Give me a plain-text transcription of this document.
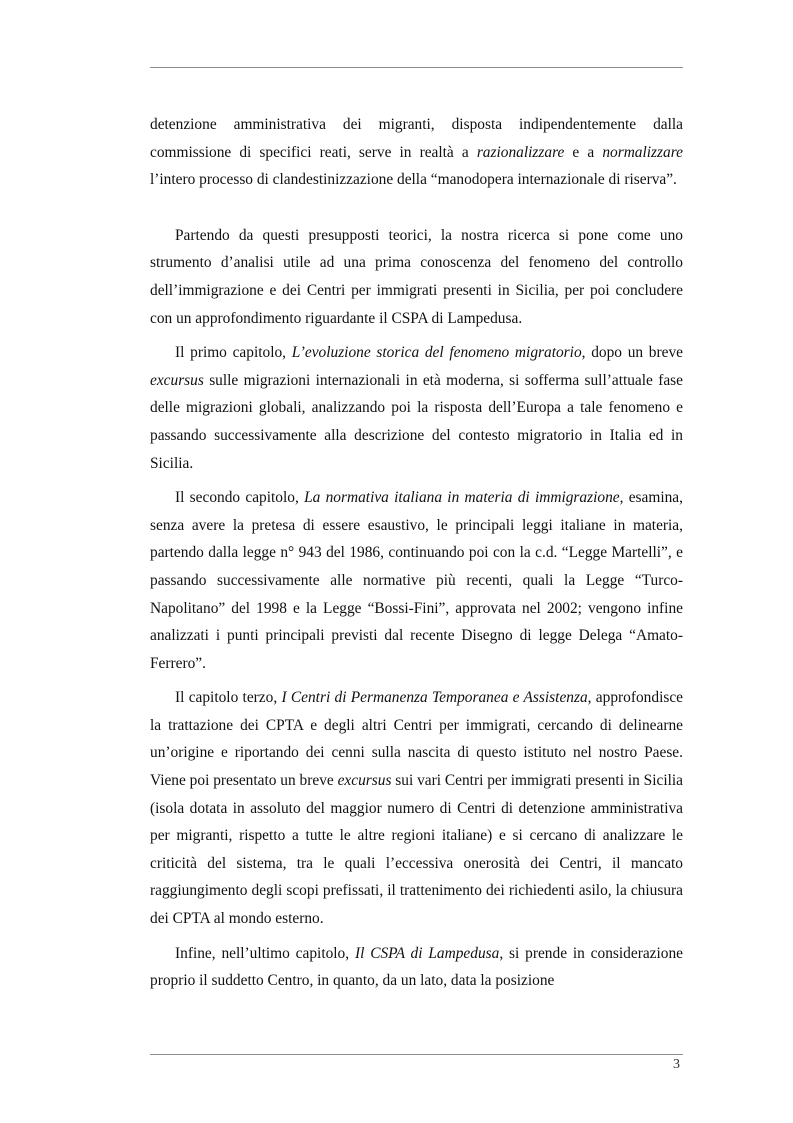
detenzione amministrativa dei migranti, disposta indipendentemente dalla commissione di specifici reati, serve in realtà a razionalizzare e a normalizzare l’intero processo di clandestinizzazione della “manodopera internazionale di riserva”.

Partendo da questi presupposti teorici, la nostra ricerca si pone come uno strumento d’analisi utile ad una prima conoscenza del fenomeno del controllo dell’immigrazione e dei Centri per immigrati presenti in Sicilia, per poi concludere con un approfondimento riguardante il CSPA di Lampedusa.

Il primo capitolo, L’evoluzione storica del fenomeno migratorio, dopo un breve excursus sulle migrazioni internazionali in età moderna, si sofferma sull’attuale fase delle migrazioni globali, analizzando poi la risposta dell’Europa a tale fenomeno e passando successivamente alla descrizione del contesto migratorio in Italia ed in Sicilia.

Il secondo capitolo, La normativa italiana in materia di immigrazione, esamina, senza avere la pretesa di essere esaustivo, le principali leggi italiane in materia, partendo dalla legge n° 943 del 1986, continuando poi con la c.d. “Legge Martelli”, e passando successivamente alle normative più recenti, quali la Legge “Turco-Napolitano” del 1998 e la Legge “Bossi-Fini”, approvata nel 2002; vengono infine analizzati i punti principali previsti dal recente Disegno di legge Delega “Amato-Ferrero”.

Il capitolo terzo, I Centri di Permanenza Temporanea e Assistenza, approfondisce la trattazione dei CPTA e degli altri Centri per immigrati, cercando di delinearne un’origine e riportando dei cenni sulla nascita di questo istituto nel nostro Paese. Viene poi presentato un breve excursus sui vari Centri per immigrati presenti in Sicilia (isola dotata in assoluto del maggior numero di Centri di detenzione amministrativa per migranti, rispetto a tutte le altre regioni italiane) e si cercano di analizzare le criticità del sistema, tra le quali l’eccessiva onerosità dei Centri, il mancato raggiungimento degli scopi prefissati, il trattenimento dei richiedenti asilo, la chiusura dei CPTA al mondo esterno.

Infine, nell’ultimo capitolo, Il CSPA di Lampedusa, si prende in considerazione proprio il suddetto Centro, in quanto, da un lato, data la posizione

3
